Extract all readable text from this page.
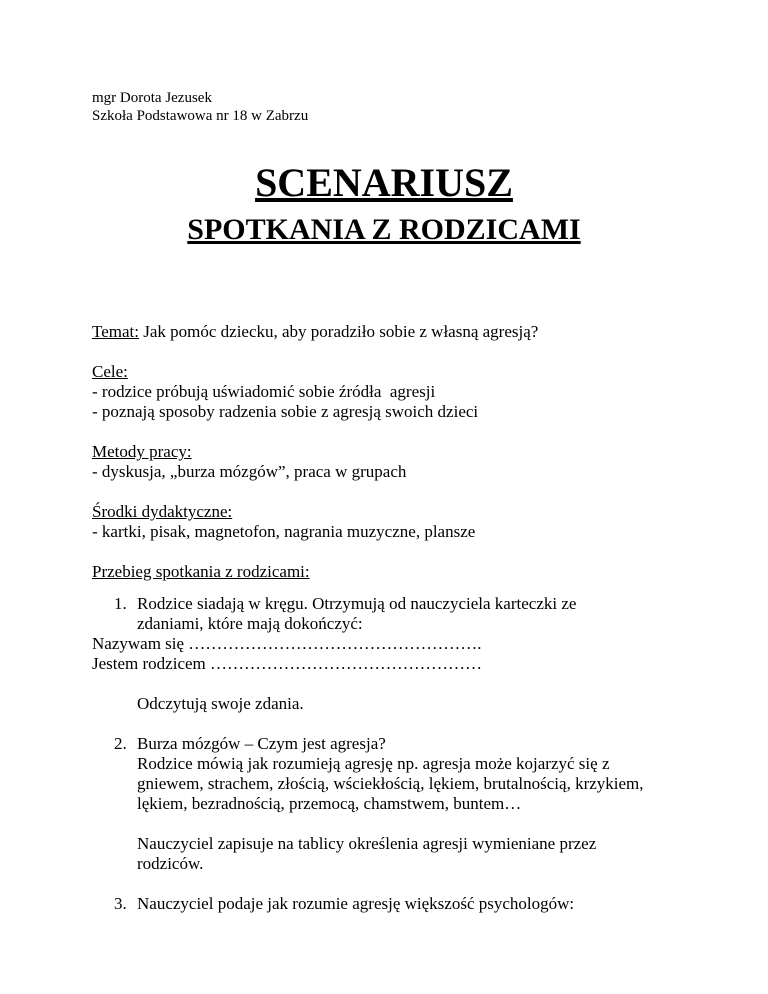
mgr Dorota Jezusek
Szkoła Podstawowa nr 18 w Zabrzu
SCENARIUSZ
SPOTKANIA Z RODZICAMI
Temat: Jak pomóc dziecku, aby poradziło sobie z własną agresją?
Cele:
- rodzice próbują uświadomić sobie źródła  agresji
- poznają sposoby radzenia sobie z agresją swoich dzieci
Metody pracy:
- dyskusja, „burza mózgów”, praca w grupach
Środki dydaktyczne:
- kartki, pisak, magnetofon, nagrania muzyczne, plansze
Przebieg spotkania z rodzicami:
1. Rodzice siadają w kręgu. Otrzymują od nauczyciela karteczki ze
zdaniami, które mają dokończyć:
Nazywam się …………………………………………….
Jestem rodzicem …………………………………………
Odczytują swoje zdania.
2. Burza mózgów – Czym jest agresja?
Rodzice mówią jak rozumieją agresję np. agresja może kojarzyć się z
gniewem, strachem, złością, wściekłością, lękiem, brutalnością, krzykiem,
lękiem, bezradnością, przemocą, chamstwem, buntem…
Nauczyciel zapisuje na tablicy określenia agresji wymieniane przez
rodziców.
3. Nauczyciel podaje jak rozumie agresję większość psychologów:
